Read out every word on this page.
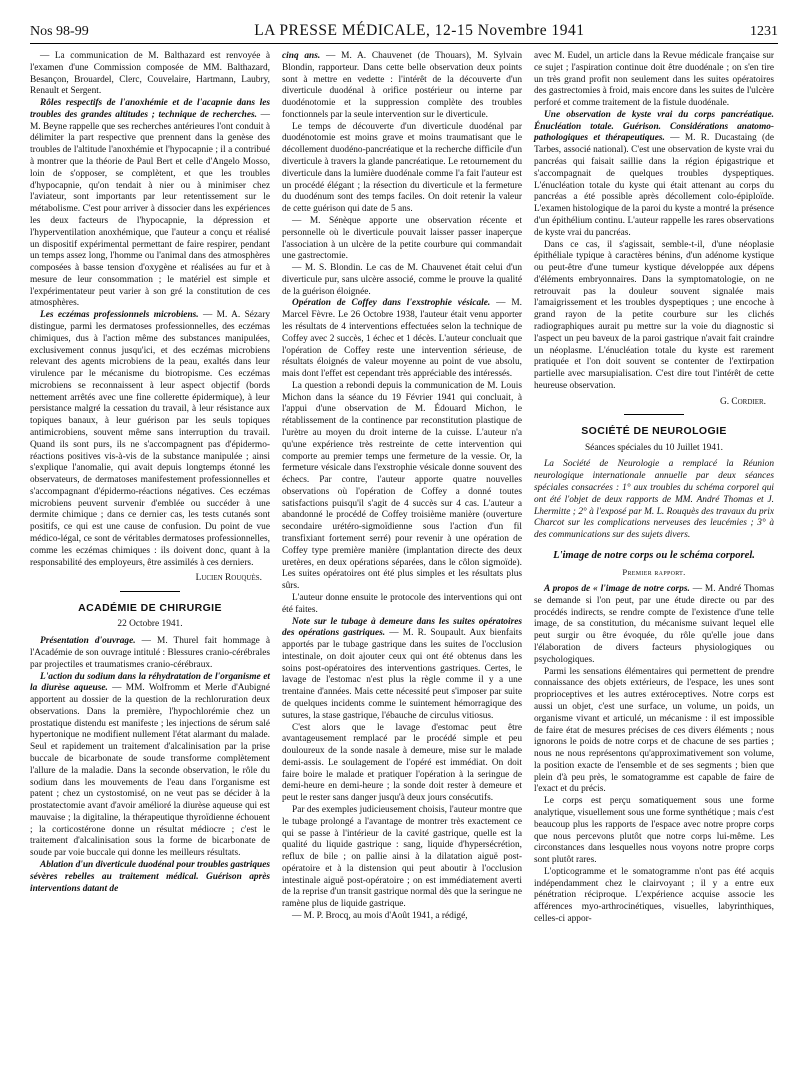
Nos 98-99	LA PRESSE MÉDICALE, 12-15 Novembre 1941	1231

— La communication de M. Balthazard est renvoyée à l'examen d'une Commission composée de MM. Balthazard, Besançon, Brouardel, Clerc, Couvelaire, Hartmann, Laubry, Renault et Sergent.

Rôles respectifs de l'anoxhémie et de l'acapnie dans les troubles des grandes altitudes ; technique de recherches. — M. Beyne rappelle que ses recherches antérieures l'ont conduit à délimiter la part respective que prennent dans la genèse des troubles de l'altitude l'anoxhémie et l'hypocapnie ; il a contribué à montrer que la théorie de Paul Bert et celle d'Angelo Mosso, loin de s'opposer, se complètent, et que les troubles d'hypocapnie, qu'on tendait à nier ou à minimiser chez l'aviateur, sont importants par leur retentissement sur le métabolisme. C'est pour arriver à dissocier dans les expériences les deux facteurs de l'hypocapnie, la dépression et l'hyperventilation anoxhémique, que l'auteur a conçu et réalisé un dispositif expérimental permettant de faire respirer, pendant un temps assez long, l'homme ou l'animal dans des atmosphères composées à basse tension d'oxygène et réalisées au fur et à mesure de leur consommation ; le matériel est simple et l'expérimentateur peut varier à son gré la constitution de ces atmosphères.

Les eczémas professionnels microbiens. — M. A. Sézary distingue, parmi les dermatoses professionnelles, des eczémas chimiques, dus à l'action même des substances manipulées, exclusivement connus jusqu'ici, et des eczémas microbiens relevant des agents microbiens de la peau, exaltés dans leur virulence par le mécanisme du biotropisme. Ces eczémas microbiens se reconnaissent à leur aspect objectif (bords nettement arrêtés avec une fine collerette épidermique), à leur persistance malgré la cessation du travail, à leur résistance aux topiques banaux, à leur guérison par les seuls topiques antimicrobiens, souvent même sans interruption du travail. Quand ils sont purs, ils ne s'accompagnent pas d'épidermo-réactions positives vis-à-vis de la substance manipulée ; ainsi s'explique l'anomalie, qui avait depuis longtemps étonné les observateurs, de dermatoses manifestement professionnelles et s'accompagnant d'épidermo-réactions négatives. Ces eczémas microbiens peuvent survenir d'emblée ou succéder à une dermite chimique ; dans ce dernier cas, les tests cutanés sont positifs, ce qui est une cause de confusion. Du point de vue médico-légal, ce sont de véritables dermatoses professionnelles, comme les eczémas chimiques : ils doivent donc, quant à la responsabilité des employeurs, être assimilés à ces derniers.

Lucien Rouquès.
ACADÉMIE DE CHIRURGIE
22 Octobre 1941.

Présentation d'ouvrage. — M. Thurel fait hommage à l'Académie de son ouvrage intitulé : Blessures cranio-cérébrales par projectiles et traumatismes cranio-cérébraux.

L'action du sodium dans la réhydratation de l'organisme et la diurèse aqueuse. — MM. Wolfromm et Merle d'Aubigné apportent au dossier de la question de la rechloruration deux observations. Dans la première, l'hypochlorémie chez un prostatique distendu est manifeste ; les injections de sérum salé hypertonique ne modifient nullement l'état alarmant du malade. Seul et rapidement un traitement d'alcalinisation par la prise buccale de bicarbonate de soude transforme complètement l'allure de la maladie. Dans la seconde observation, le rôle du sodium dans les mouvements de l'eau dans l'organisme est patent ; chez un cystostomisé, on ne veut pas se décider à la prostatectomie avant d'avoir amélioré la diurèse aqueuse qui est mauvaise ; la digitaline, la thérapeutique thyroïdienne échouent ; la corticostérone donne un résultat médiocre ; c'est le traitement d'alcalinisation sous la forme de bicarbonate de soude par voie buccale qui donne les meilleurs résultats.

Ablation d'un diverticule duodénal pour troubles gastriques sévères rebelles au traitement médical. Guérison après interventions datant de

cinq ans. — M. A. Chauvenet (de Thouars), M. Sylvain Blondin, rapporteur. Dans cette belle observation deux points sont à mettre en vedette : l'intérêt de la découverte d'un diverticule duodénal à orifice postérieur ou interne par duodénotomie et la suppression complète des troubles fonctionnels par la seule intervention sur le diverticule.

Le temps de découverte d'un diverticule duodénal par duodénotomie est moins grave et moins traumatisant que le décollement duodéno-pancréatique et la recherche difficile d'un diverticule à travers la glande pancréatique. Le retournement du diverticule dans la lumière duodénale comme l'a fait l'auteur est un procédé élégant ; la résection du diverticule et la fermeture du duodénum sont des temps faciles. On doit retenir la valeur de cette guérison qui date de 5 ans.

— M. Sénèque apporte une observation récente et personnelle où le diverticule pouvait laisser passer inaperçue l'association à un ulcère de la petite courbure qui commandait une gastrectomie.

— M. S. Blondin. Le cas de M. Chauvenet était celui d'un diverticule pur, sans ulcère associé, comme le prouve la qualité de la guérison éloignée.

Opération de Coffey dans l'exstrophie vésicale. — M. Marcel Fèvre. Le 26 Octobre 1938, l'auteur était venu apporter les résultats de 4 interventions effectuées selon la technique de Coffey avec 2 succès, 1 échec et 1 décès. L'auteur concluait que l'opération de Coffey reste une intervention sérieuse, de résultats éloignés de valeur moyenne au point de vue absolu, mais dont l'effet est cependant très appréciable des intéressés.

La question a rebondi depuis la communication de M. Louis Michon dans la séance du 19 Février 1941 qui concluait, à l'appui d'une observation de M. Édouard Michon, le rétablissement de la continence par reconstitution plastique de l'urètre au moyen du droit interne de la cuisse. L'auteur n'a qu'une expérience très restreinte de cette intervention qui comporte au premier temps une fermeture de la vessie. Or, la fermeture vésicale dans l'exstrophie vésicale donne souvent des échecs. Par contre, l'auteur apporte quatre nouvelles observations où l'opération de Coffey a donné toutes satisfactions puisqu'il s'agit de 4 succès sur 4 cas. L'auteur a abandonné le procédé de Coffey troisième manière (ouverture secondaire urétéro-sigmoïdienne sous l'action d'un fil transfixiant fortement serré) pour revenir à une opération de Coffey type première manière (implantation directe des deux uretères, en deux opérations séparées, dans le côlon sigmoïde). Les suites opératoires ont été plus simples et les résultats plus sûrs.

L'auteur donne ensuite le protocole des interventions qui ont été faites.

Note sur le tubage à demeure dans les suites opératoires des opérations gastriques. — M. R. Soupault. Aux bienfaits apportés par le tubage gastrique dans les suites de l'occlusion intestinale, on doit ajouter ceux qui ont été obtenus dans les soins post-opératoires des interventions gastriques. Certes, le lavage de l'estomac n'est plus la règle comme il y a une trentaine d'années. Mais cette nécessité peut s'imposer par suite de quelques incidents comme le suintement hémorragique des sutures, la stase gastrique, l'ébauche de circulus vitiosus.

C'est alors que le lavage d'estomac peut être avantageusement remplacé par le procédé simple et peu douloureux de la sonde nasale à demeure, mise sur le malade demi-assis. Le soulagement de l'opéré est immédiat. On doit faire boire le malade et pratiquer l'opération à la seringue de demi-heure en demi-heure ; la sonde doit rester à demeure et peut le rester sans danger jusqu'à deux jours consécutifs.

Par des exemples judicieusement choisis, l'auteur montre que le tubage prolongé a l'avantage de montrer très exactement ce qui se passe à l'intérieur de la cavité gastrique, quelle est la qualité du liquide gastrique : sang, liquide d'hypersécrétion, reflux de bile ; on pallie ainsi à la dilatation aiguë post-opératoire et à la distension qui peut aboutir à l'occlusion intestinale aiguë post-opératoire ; on est immédiatement averti de la reprise d'un transit gastrique normal dès que la seringue ne ramène plus de liquide gastrique.

— M. P. Brocq, au mois d'Août 1941, a rédigé,

avec M. Eudel, un article dans la Revue médicale française sur ce sujet ; l'aspiration continue doit être duodénale ; on s'en tire un très grand profit non seulement dans les suites opératoires des gastrectomies à froid, mais encore dans les suites de l'ulcère perforé et comme traitement de la fistule duodénale.

Une observation de kyste vrai du corps pancréatique. Énucléation totale. Guérison. Considérations anatomo-pathologiques et thérapeutiques. — M. R. Ducastaing (de Tarbes, associé national). C'est une observation de kyste vrai du pancréas qui faisait saillie dans la région épigastrique et s'accompagnait de quelques troubles dyspeptiques. L'énucléation totale du kyste qui était attenant au corps du pancréas a été possible après décollement colo-épiploïde. L'examen histologique de la paroi du kyste a montré la présence d'un épithélium continu. L'auteur rappelle les rares observations de kyste vrai du pancréas.

Dans ce cas, il s'agissait, semble-t-il, d'une néoplasie épithéliale typique à caractères bénins, d'un adénome kystique ou peut-être d'une tumeur kystique développée aux dépens d'éléments embryonnaires. Dans la symptomatologie, on ne retrouvait pas la douleur souvent signalée mais l'amaigrissement et les troubles dyspeptiques ; une encoche à grand rayon de la petite courbure sur les clichés radiographiques aurait pu mettre sur la voie du diagnostic si l'aspect un peu baveux de la paroi gastrique n'avait fait craindre un néoplasme. L'énucléation totale du kyste est rarement pratiquée et l'on doit souvent se contenter de l'extirpation partielle avec marsupialisation. C'est dire tout l'intérêt de cette heureuse observation.

G. Cordier.
SOCIÉTÉ DE NEUROLOGIE
Séances spéciales du 10 Juillet 1941.

La Société de Neurologie a remplacé la Réunion neurologique internationale annuelle par deux séances spéciales consacrées : 1° aux troubles du schéma corporel qui ont été l'objet de deux rapports de MM. André Thomas et J. Lhermitte ; 2° à l'exposé par M. L. Rouquès des travaux du prix Charcot sur les complications nerveuses des leucémies ; 3° à des communications sur des sujets divers.

L'image de notre corps ou le schéma corporel.
Premier rapport.

A propos de « l'image de notre corps. — M. André Thomas se demande si l'on peut, par une étude directe ou par des procédés indirects, se rendre compte de l'existence d'une telle image, de sa constitution, du mécanisme suivant lequel elle peut surgir ou être évoquée, du rôle qu'elle joue dans l'élaboration de divers facteurs physiologiques ou psychologiques.

Parmi les sensations élémentaires qui permettent de prendre connaissance des objets extérieurs, de l'espace, les unes sont proprioceptives et les autres extéroceptives. Notre corps est aussi un objet, c'est une surface, un volume, un poids, un organisme vivant et articulé, un mécanisme : il est impossible de faire état de mesures précises de ces divers éléments ; nous ignorons le poids de notre corps et de chacune de ses parties ; nous ne nous représentons qu'approximativement son volume, la position exacte de l'ensemble et de ses segments ; bien que plein d'à peu près, le somatogramme est capable de faire de l'exact et du précis.

Le corps est perçu somatiquement sous une forme analytique, visuellement sous une forme synthétique ; mais c'est beaucoup plus les rapports de l'espace avec notre propre corps que nous percevons plutôt que notre corps lui-même. Les circonstances dans lesquelles nous voyons notre propre corps sont plutôt rares.

L'opticogramme et le somatogramme n'ont pas été acquis indépendamment chez le clairvoyant ; il y a entre eux pénétration réciproque. L'expérience acquise associe les afférences myo-arthrocinétiques, visuelles, labyrinthiques, celles-ci appor-
